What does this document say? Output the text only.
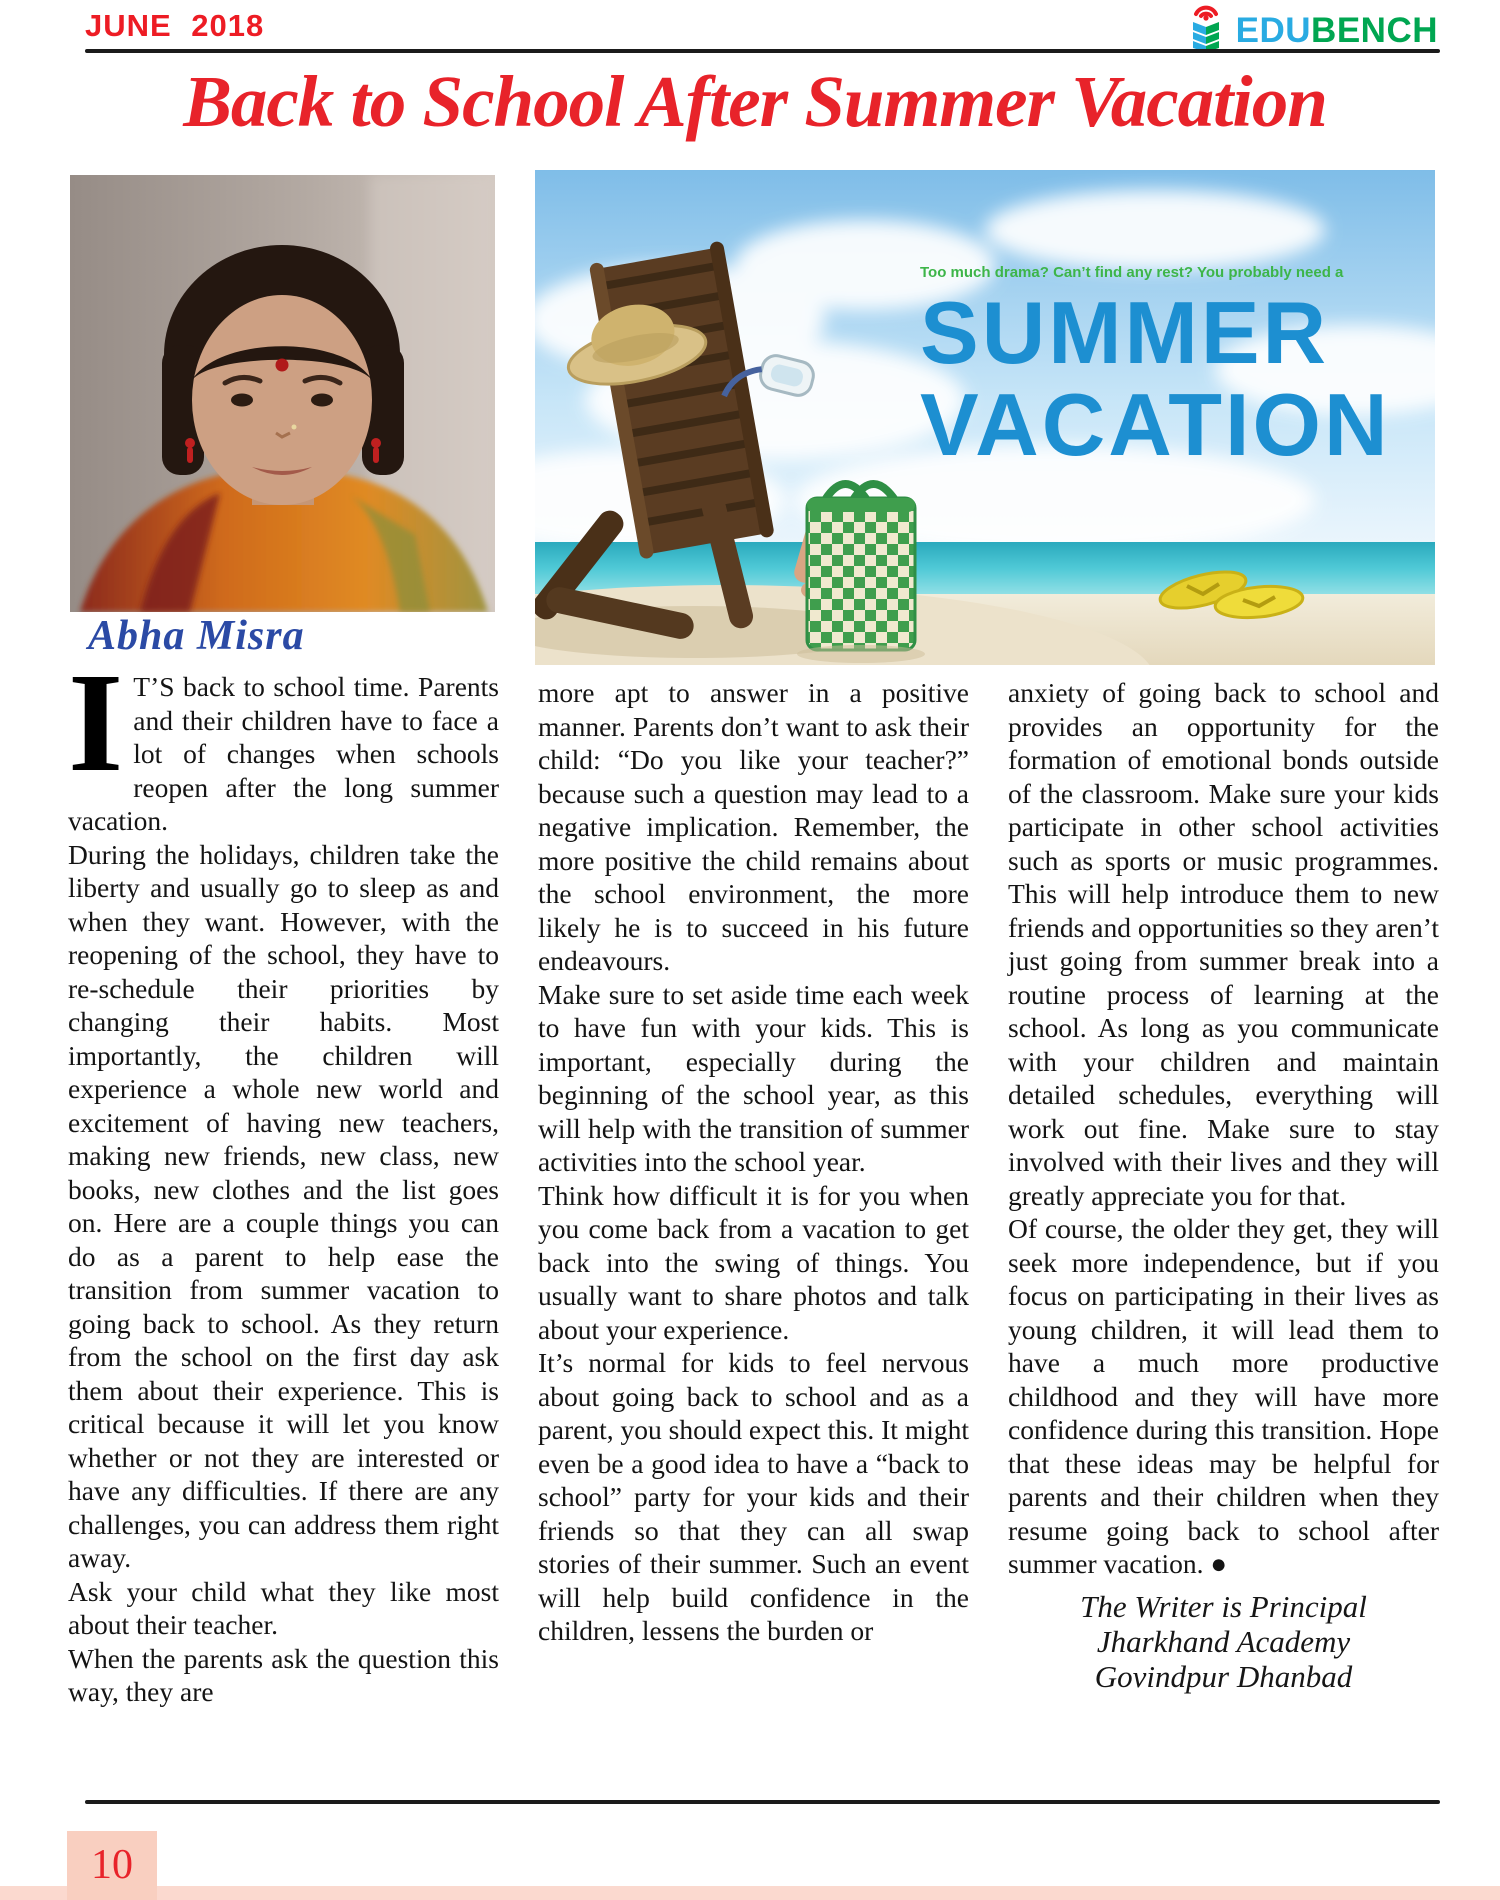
JUNE 2018	EDUBENCH
Back to School After Summer Vacation
Abha Misra
Too much drama? Can’t find any rest? You probably need a
SUMMER
VACATION

I T’S back to school time. Parents and their children have to face a lot of changes when schools reopen after the long summer vacation.

During the holidays, children take the liberty and usually go to sleep as and when they want. However, with the reopening of the school, they have to re-schedule their priorities by changing their habits. Most importantly, the children will experience a whole new world and excitement of having new teachers, making new friends, new class, new books, new clothes and the list goes on. Here are a couple things you can do as a parent to help ease the transition from summer vacation to going back to school. As they return from the school on the first day ask them about their experience. This is critical because it will let you know whether or not they are interested or have any difficulties. If there are any challenges, you can address them right away.

Ask your child what they like most about their teacher.

When the parents ask the question this way, they are

more apt to answer in a positive manner. Parents don’t want to ask their child: “Do you like your teacher?” because such a question may lead to a negative implication. Remember, the more positive the child remains about the school environment, the more likely he is to succeed in his future endeavours.

Make sure to set aside time each week to have fun with your kids. This is important, especially during the beginning of the school year, as this will help with the transition of summer activities into the school year.

Think how difficult it is for you when you come back from a vacation to get back into the swing of things. You usually want to share photos and talk about your experience.

It’s normal for kids to feel nervous about going back to school and as a parent, you should expect this. It might even be a good idea to have a “back to school” party for your kids and their friends so that they can all swap stories of their summer. Such an event will help build confidence in the children, lessens the burden or

anxiety of going back to school and provides an opportunity for the formation of emotional bonds outside of the classroom. Make sure your kids participate in other school activities such as sports or music programmes. This will help introduce them to new friends and opportunities so they aren’t just going from summer break into a routine process of learning at the school. As long as you communicate with your children and maintain detailed schedules, everything will work out fine. Make sure to stay involved with their lives and they will greatly appreciate you for that.

Of course, the older they get, they will seek more independence, but if you focus on participating in their lives as young children, it will lead them to have a much more productive childhood and they will have more confidence during this transition. Hope that these ideas may be helpful for parents and their children when they resume going back to school after summer vacation. ●

The Writer is Principal
Jharkhand Academy
Govindpur Dhanbad
10
